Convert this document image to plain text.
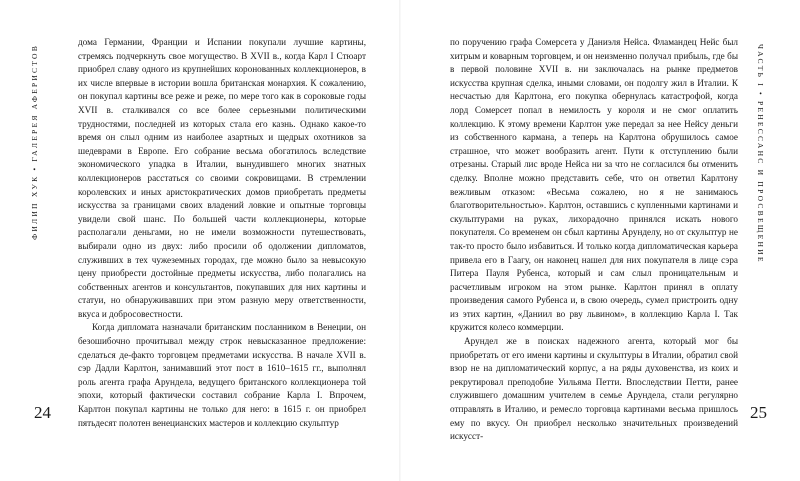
ФИЛИП ХУК • ГАЛЕРЕЯ АФЕРИСТОВ

дома Германии, Франции и Испании покупали лучшие картины, стремясь подчеркнуть свое могущество. В XVII в., когда Карл I Стюарт приобрел славу одного из крупнейших коронованных коллекционеров, в их числе впервые в истории вошла британская монархия. К сожалению, он покупал картины все реже и реже, по мере того как в сороковые годы XVII в. сталкивался со все более серьезными политическими трудностями, последней из которых стала его казнь. Однако какое-то время он слыл одним из наиболее азартных и щедрых охотников за шедеврами в Европе. Его собрание весьма обогатилось вследствие экономического упадка в Италии, вынудившего многих знатных коллекционеров расстаться со своими сокровищами. В стремлении королевских и иных аристократических домов приобретать предметы искусства за границами своих владений ловкие и опытные торговцы увидели свой шанс. По большей части коллекционеры, которые располагали деньгами, но не имели возможности путешествовать, выбирали одно из двух: либо просили об одолжении дипломатов, служивших в тех чужеземных городах, где можно было за невысокую цену приобрести достойные предметы искусства, либо полагались на собственных агентов и консультантов, покупавших для них картины и статуи, но обнаруживавших при этом разную меру ответственности, вкуса и добросовестности.

Когда дипломата назначали британским посланником в Венеции, он безошибочно прочитывал между строк невысказанное предложение: сделаться де-факто торговцем предметами искусства. В начале XVII в. сэр Дадли Карлтон, занимавший этот пост в 1610–1615 гг., выполнял роль агента графа Арундела, ведущего британского коллекционера той эпохи, который фактически составил собрание Карла I. Впрочем, Карлтон покупал картины не только для него: в 1615 г. он приобрел пятьдесят полотен венецианских мастеров и коллекцию скульптур

24

по поручению графа Сомерсета у Даниэля Нейса. Фламандец Нейс был хитрым и коварным торговцем, и он неизменно получал прибыль, где бы в первой половине XVII в. ни заключалась на рынке предметов искусства крупная сделка, иными словами, он подолгу жил в Италии. К несчастью для Карлтона, его покупка обернулась катастрофой, когда лорд Сомерсет попал в немилость у короля и не смог оплатить коллекцию. К этому времени Карлтон уже передал за нее Нейсу деньги из собственного кармана, а теперь на Карлтона обрушилось самое страшное, что может вообразить агент. Пути к отступлению были отрезаны. Старый лис вроде Нейса ни за что не согласился бы отменить сделку. Вполне можно представить себе, что он ответил Карлтону вежливым отказом: «Весьма сожалею, но я не занимаюсь благотворительностью». Карлтон, оставшись с купленными картинами и скульптурами на руках, лихорадочно принялся искать нового покупателя. Со временем он сбыл картины Арунделу, но от скульптур не так-то просто было избавиться. И только когда дипломатическая карьера привела его в Гаагу, он наконец нашел для них покупателя в лице сэра Питера Пауля Рубенса, который и сам слыл проницательным и расчетливым игроком на этом рынке. Карлтон принял в оплату произведения самого Рубенса и, в свою очередь, сумел пристроить одну из этих картин, «Даниил во рву львином», в коллекцию Карла I. Так кружится колесо коммерции.

Арундел же в поисках надежного агента, который мог бы приобретать от его имени картины и скульптуры в Италии, обратил свой взор не на дипломатический корпус, а на ряды духовенства, из коих и рекрутировал преподобие Уильяма Петти. Впоследствии Петти, ранее служившего домашним учителем в семье Арундела, стали регулярно отправлять в Италию, и ремесло торговца картинами весьма пришлось ему по вкусу. Он приобрел несколько значительных произведений искусст-

ЧАСТЬ I • РЕНЕССАНС И ПРОСВЕЩЕНИЕ
25
